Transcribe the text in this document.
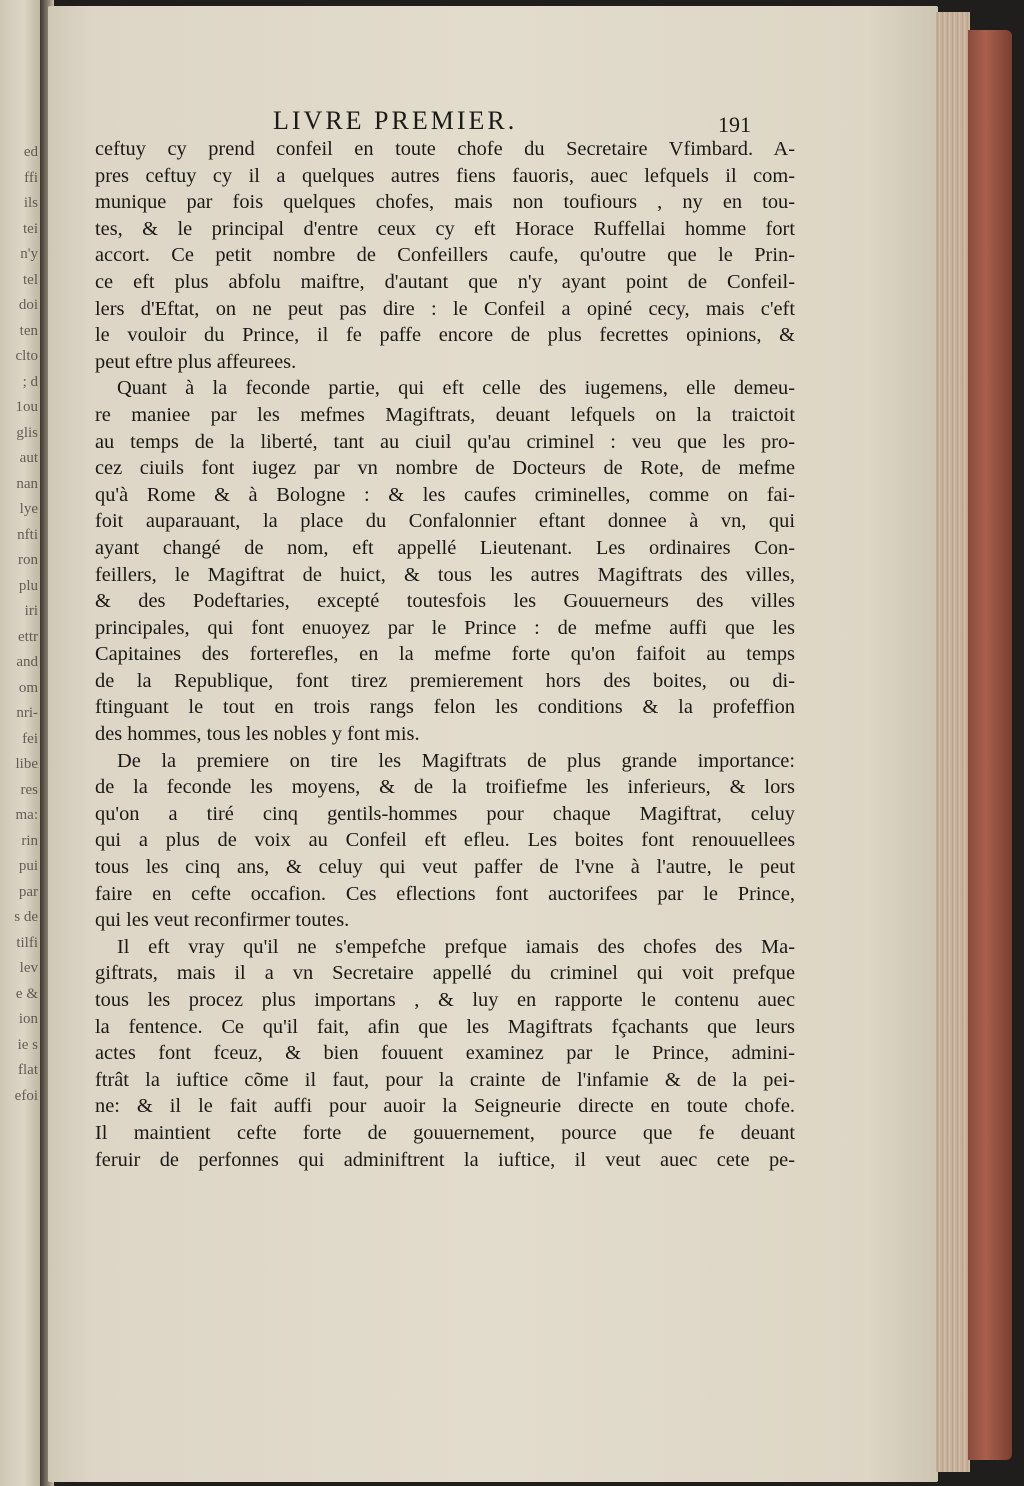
ed
ffi
ils
tei
n'y
tel
doi
ten
clto
; d
1ou
glis
aut
nan
lye
nfti
ron
plu
iri
ettr
and
om
nri-
fei
libe
res
ma:
rin
pui
par
s de
tilfi
lev
e &
ion
ie s
flat
efoi
LIVRE PREMIER.	191
ceftuy cy prend confeil en toute chofe du Secretaire Vfimbard. A-
pres ceftuy cy il a quelques autres fiens fauoris, auec lefquels il com-
munique par fois quelques chofes, mais non toufiours , ny en tou-
tes, & le principal d'entre ceux cy eft Horace Ruffellai homme fort
accort. Ce petit nombre de Confeillers caufe, qu'outre que le Prin-
ce eft plus abfolu maiftre, d'autant que n'y ayant point de Confeil-
lers d'Eftat, on ne peut pas dire : le Confeil a opiné cecy, mais c'eft
le vouloir du Prince, il fe paffe encore de plus fecrettes opinions, &
peut eftre plus affeurees.
Quant à la feconde partie, qui eft celle des iugemens, elle demeu-
re maniee par les mefmes Magiftrats, deuant lefquels on la traictoit
au temps de la liberté, tant au ciuil qu'au criminel : veu que les pro-
cez ciuils font iugez par vn nombre de Docteurs de Rote, de mefme
qu'à Rome & à Bologne : & les caufes criminelles, comme on fai-
foit auparauant, la place du Confalonnier eftant donnee à vn, qui
ayant changé de nom, eft appellé Lieutenant. Les ordinaires Con-
feillers, le Magiftrat de huict, & tous les autres Magiftrats des villes,
& des Podeftaries, excepté toutesfois les Gouuerneurs des villes
principales, qui font enuoyez par le Prince : de mefme auffi que les
Capitaines des forterefles, en la mefme forte qu'on faifoit au temps
de la Republique, font tirez premierement hors des boites, ou di-
ftinguant le tout en trois rangs felon les conditions & la profeffion
des hommes, tous les nobles y font mis.
De la premiere on tire les Magiftrats de plus grande importance:
de la feconde les moyens, & de la troifiefme les inferieurs, & lors
qu'on a tiré cinq gentils-hommes pour chaque Magiftrat, celuy
qui a plus de voix au Confeil eft efleu. Les boites font renouuellees
tous les cinq ans, & celuy qui veut paffer de l'vne à l'autre, le peut
faire en cefte occafion. Ces eflections font auctorifees par le Prince,
qui les veut reconfirmer toutes.
Il eft vray qu'il ne s'empefche prefque iamais des chofes des Ma-
giftrats, mais il a vn Secretaire appellé du criminel qui voit prefque
tous les procez plus importans , & luy en rapporte le contenu auec
la fentence. Ce qu'il fait, afin que les Magiftrats fçachants que leurs
actes font fceuz, & bien fouuent examinez par le Prince, admini-
ftrât la iuftice cõme il faut, pour la crainte de l'infamie & de la pei-
ne: & il le fait auffi pour auoir la Seigneurie directe en toute chofe.
Il maintient cefte forte de gouuernement, pource que fe deuant
feruir de perfonnes qui adminiftrent la iuftice, il veut auec cete pe-
